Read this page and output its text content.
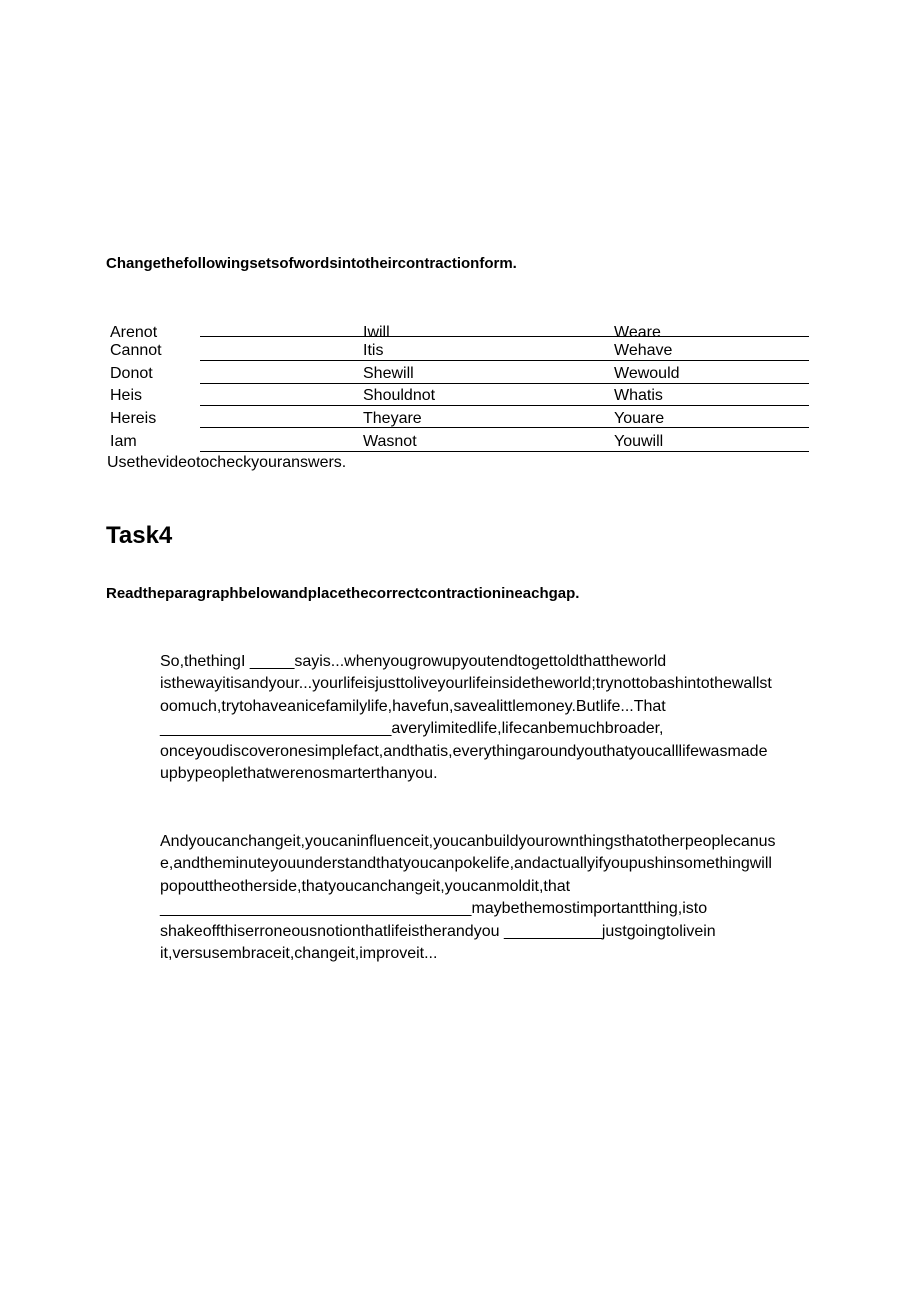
Changethefollowingsetsofwordsintotheircontractionform.
Arenot	Iwill	Weare
Cannot	Itis	Wehave
Donot	Shewill	Wewould
Heis	Shouldnot	Whatis
Hereis	Theyare	Youare
Iam	Wasnot	Youwill
Usethevideotocheckyouranswers.
Task4
Readtheparagraphbelowandplacethecorrectcontractionineachgap.
So,thethingI _____sayis...whenyougrowupyoutendtogettoldthattheworld
isthewayitisandyour...yourlifeisjusttoliveyourlifeinsidetheworld;trynottobashintothewallst
oomuch,trytohaveanicefamilylife,havefun,savealittlemoney.Butlife...That
__________________________averylimitedlife,lifecanbemuchbroader,
onceyoudiscoveronesimplefact,andthatis,everythingaroundyouthatyoucalllifewasmade
upbypeoplethatwerenosmarterthanyou.
Andyoucanchangeit,youcaninfluenceit,youcanbuildyourownthingsthatotherpeoplecanus
e,andtheminuteyouunderstandthatyoucanpokelife,andactuallyifyoupushinsomethingwill
popouttheotherside,thatyoucanchangeit,youcanmoldit,that
___________________________________maybethemostimportantthing,isto
shakeoffthiserroneousnotionthatlifeistherandyou ___________justgoingtolivein
it,versusembraceit,changeit,improveit...
